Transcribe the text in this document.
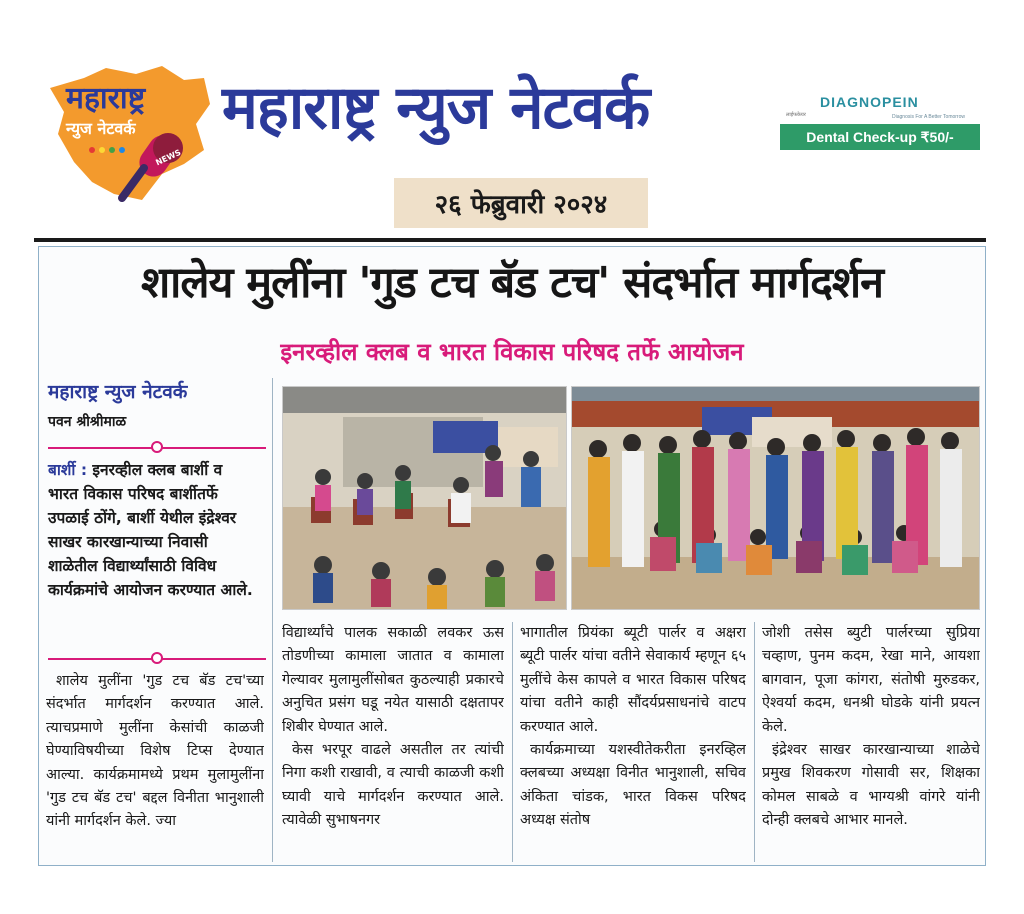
महाराष्ट्र
न्युज नेटवर्क
NEWS
महाराष्ट्र न्युज नेटवर्क
२६ फेब्रुवारी २०२४
DIAGNOPEIN
लाईफकेयर	Diagnosis For A Better Tomorrow
Dental Check-up ₹50/-
शालेय मुलींना 'गुड टच बॅड टच' संदर्भात मार्गदर्शन
इनरव्हील क्लब व भारत विकास परिषद तर्फे आयोजन
महाराष्ट्र न्युज नेटवर्क
पवन श्रीश्रीमाळ
बार्शी : इनरव्हील क्लब बार्शी व भारत विकास परिषद बार्शीतर्फे उपळाई ठोंगे, बार्शी येथील इंद्रेश्वर साखर कारखान्याच्या निवासी शाळेतील विद्यार्थ्यांसाठी विविध कार्यक्रमांचे आयोजन करण्यात आले.

शालेय मुलींना 'गुड टच बॅड टच'च्या संदर्भात मार्गदर्शन करण्यात आले. त्याचप्रमाणे मुलींना केसांची काळजी घेण्याविषयीच्या विशेष टिप्स देण्यात आल्या. कार्यक्रमामध्ये प्रथम मुलामुलींना 'गुड टच बॅड टच' बद्दल विनीता भानुशाली यांनी मार्गदर्शन केले. ज्या

विद्यार्थ्यांचे पालक सकाळी लवकर ऊस तोडणीच्या कामाला जातात व कामाला गेल्यावर मुलामुलींसोबत कुठल्याही प्रकारचे अनुचित प्रसंग घडू नयेत यासाठी दक्षतापर शिबीर घेण्यात आले.

केस भरपूर वाढले असतील तर त्यांची निगा कशी राखावी, व त्याची काळजी कशी घ्यावी याचे मार्गदर्शन करण्यात आले. त्यावेळी सुभाषनगर

भागातील प्रियंका ब्यूटी पार्लर व अक्षरा ब्यूटी पार्लर यांचा वतीने सेवाकार्य म्हणून ६५ मुलींचे केस कापले व भारत विकास परिषद यांचा वतीने काही सौंदर्यप्रसाधनांचे वाटप करण्यात आले.

कार्यक्रमाच्या यशस्वीतेकरीता इनरव्हिल क्लबच्या अध्यक्षा विनीत भानुशाली, सचिव अंकिता चांडक, भारत विकस परिषद अध्यक्ष संतोष

जोशी तसेस ब्युटी पार्लरच्या सुप्रिया चव्हाण, पुनम कदम, रेखा माने, आयशा बागवान, पूजा कांगरा, संतोषी मुरुडकर, ऐश्वर्या कदम, धनश्री घोडके यांनी प्रयत्न केले.

इंद्रेश्वर साखर कारखान्याच्या शाळेचे प्रमुख शिवकरण गोसावी सर, शिक्षका कोमल साबळे व भाग्यश्री वांगरे यांनी दोन्ही क्लबचे आभार मानले.
